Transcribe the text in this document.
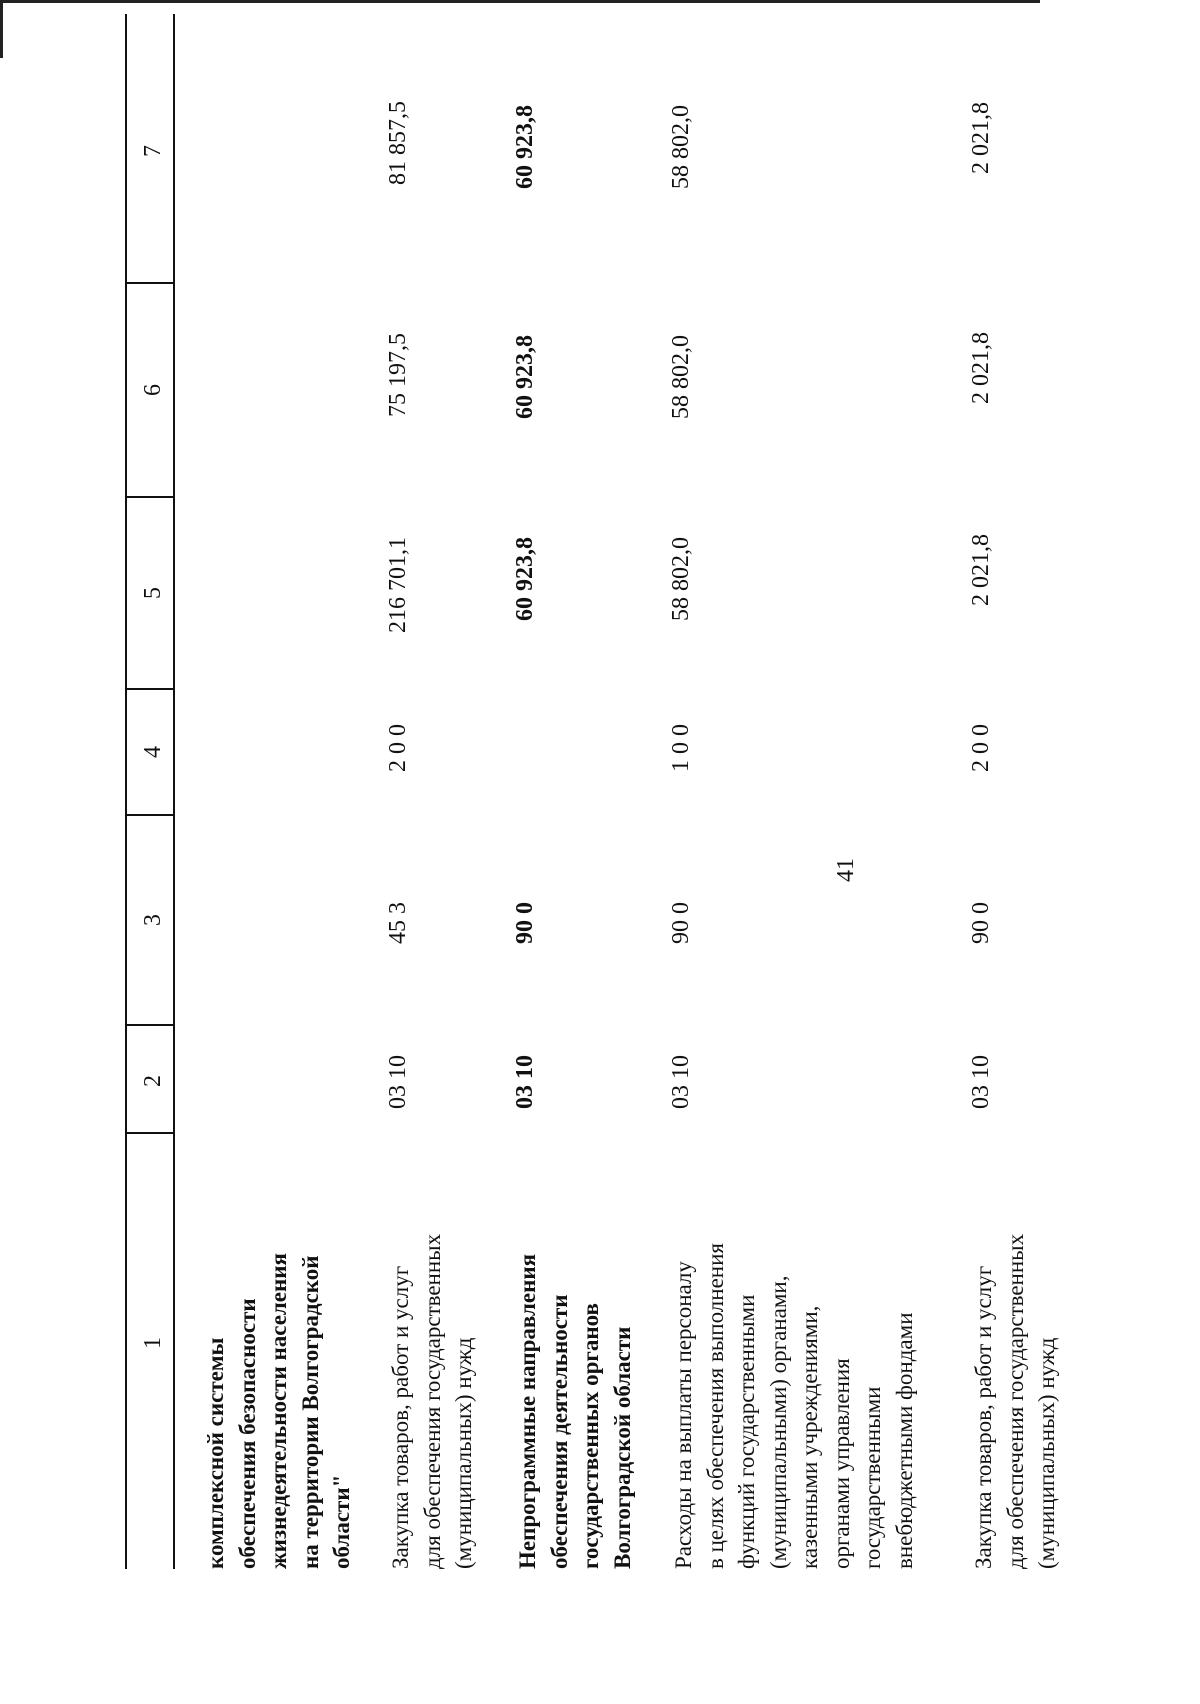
41
1
2
3
4
5
6
7
комплексной системы обеспечения безопасности жизнедеятельности населения на территории Волгоградской области" Закупка товаров, работ и услуг для обеспечения государственных (муниципальных) нужд
03 10
45 3
2 0 0
216 701,1
75 197,5
81 857,5
Непрограммные направления обеспечения деятельности государственных органов Волгоградской области
03 10
90 0
60 923,8
60 923,8
60 923,8
Расходы на выплаты персоналу в целях обеспечения выполнения функций государственными (муниципальными) органами, казенными учреждениями, органами управления государственными внебюджетными фондами
03 10
90 0
1 0 0
58 802,0
58 802,0
58 802,0
Закупка товаров, работ и услуг для обеспечения государственных (муниципальных) нужд
03 10
90 0
2 0 0
2 021,8
2 021,8
2 021,8
